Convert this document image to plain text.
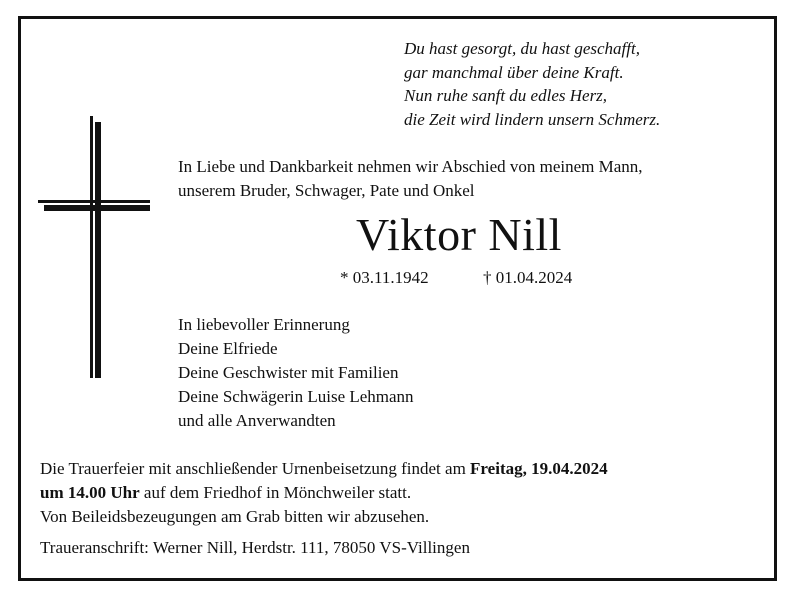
Du hast gesorgt, du hast geschafft,
gar manchmal über deine Kraft.
Nun ruhe sanft du edles Herz,
die Zeit wird lindern unsern Schmerz.
In Liebe und Dankbarkeit nehmen wir Abschied von meinem Mann,
unserem Bruder, Schwager, Pate und Onkel
Viktor Nill
* 03.11.1942	† 01.04.2024
In liebevoller Erinnerung
Deine Elfriede
Deine Geschwister mit Familien
Deine Schwägerin Luise Lehmann
und alle Anverwandten
Die Trauerfeier mit anschließender Urnenbeisetzung findet am Freitag, 19.04.2024
um 14.00 Uhr auf dem Friedhof in Mönchweiler statt.
Von Beileidsbezeugungen am Grab bitten wir abzusehen.
Traueranschrift: Werner Nill, Herdstr. 111, 78050 VS-Villingen
